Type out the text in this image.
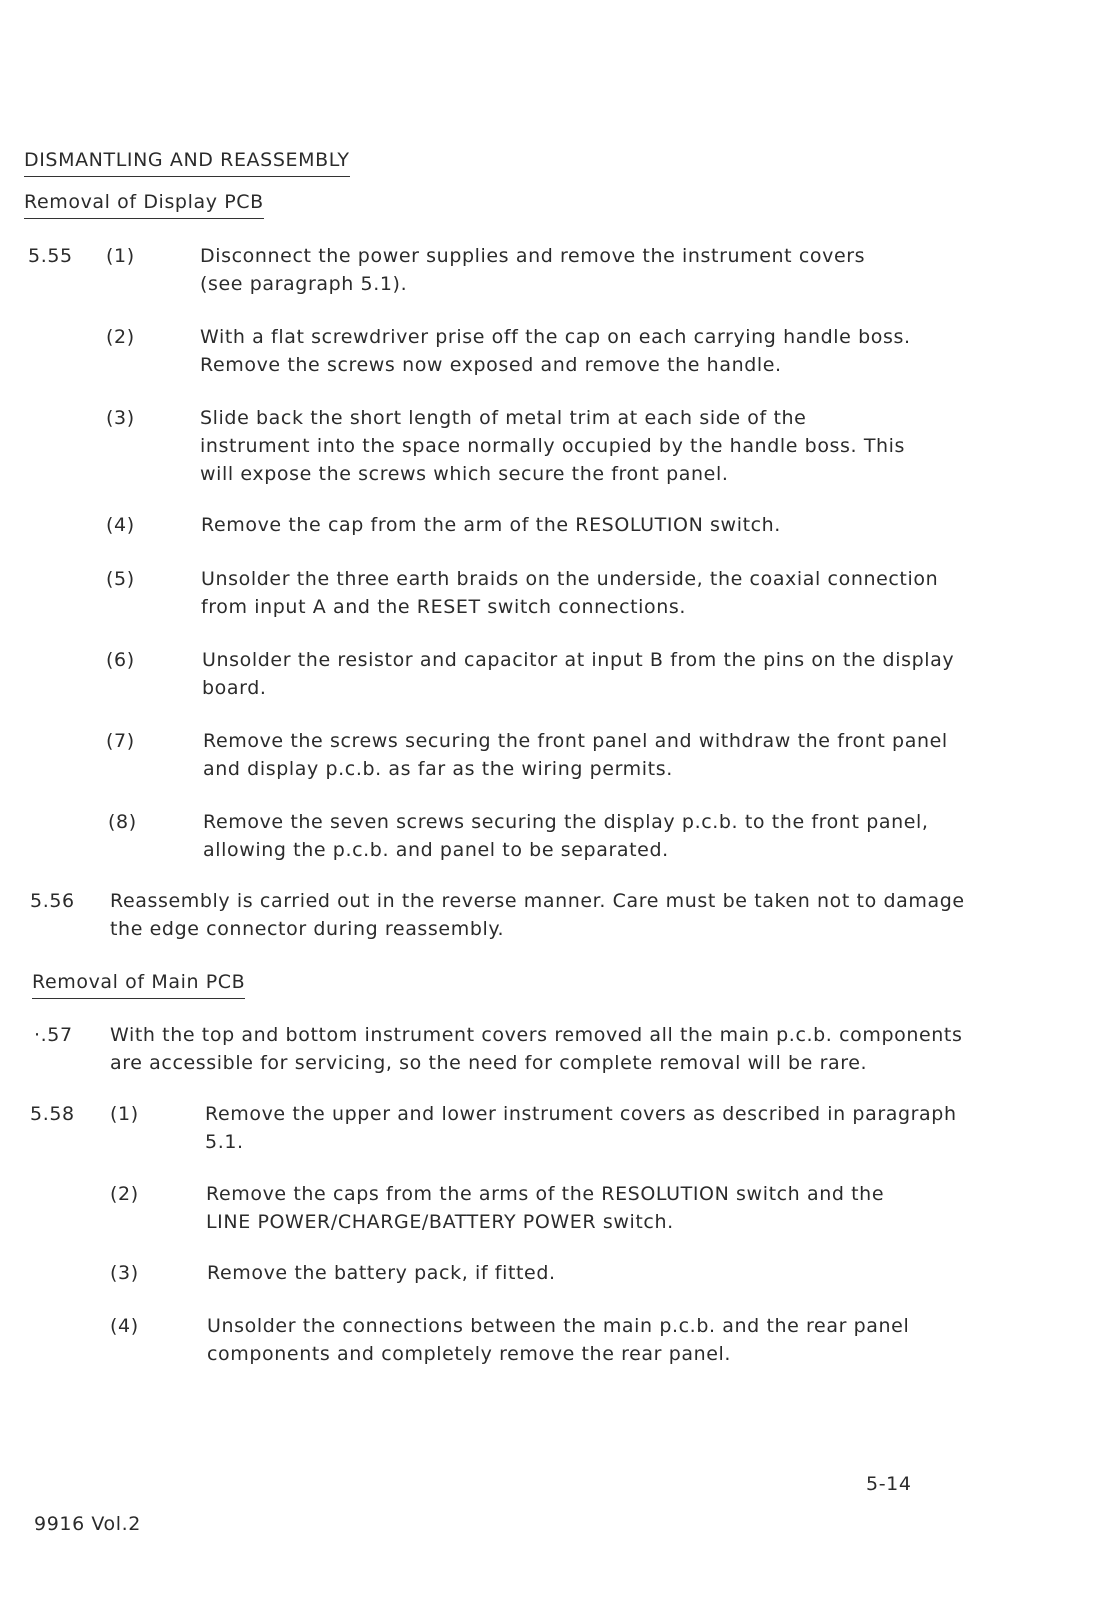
DISMANTLING AND REASSEMBLY
Removal of Display PCB
5.55 (1)	Disconnect the power supplies and remove the instrument covers
(see paragraph 5.1).
(2)	With a flat screwdriver prise off the cap on each carrying handle boss.
Remove the screws now exposed and remove the handle.
(3)	Slide back the short length of metal trim at each side of the
instrument into the space normally occupied by the handle boss. This
will expose the screws which secure the front panel.
(4)	Remove the cap from the arm of the RESOLUTION switch.
(5)	Unsolder the three earth braids on the underside, the coaxial connection
from input A and the RESET switch connections.
(6)	Unsolder the resistor and capacitor at input B from the pins on the display
board.
(7)	Remove the screws securing the front panel and withdraw the front panel
and display p.c.b. as far as the wiring permits.
(8)	Remove the seven screws securing the display p.c.b. to the front panel,
allowing the p.c.b. and panel to be separated.
5.56 Reassembly is carried out in the reverse manner. Care must be taken not to damage
the edge connector during reassembly.
Removal of Main PCB
·.57 With the top and bottom instrument covers removed all the main p.c.b. components
are accessible for servicing, so the need for complete removal will be rare.
5.58 (1)	Remove the upper and lower instrument covers as described in paragraph
5.1.
(2)	Remove the caps from the arms of the RESOLUTION switch and the
LINE POWER/CHARGE/BATTERY POWER switch.
(3)	Remove the battery pack, if fitted.
(4)	Unsolder the connections between the main p.c.b. and the rear panel
components and completely remove the rear panel.
5-14
9916 Vol.2
